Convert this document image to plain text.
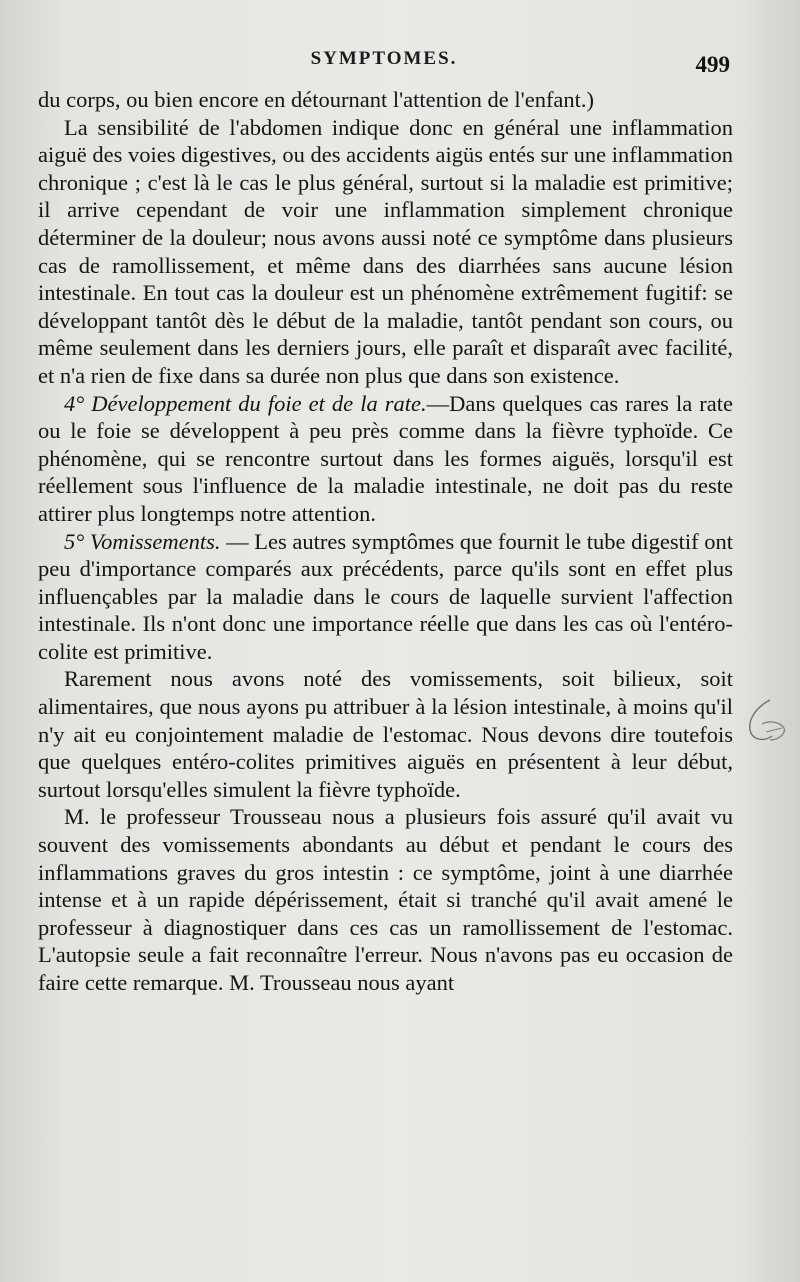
SYMPTOMES.	499

du corps, ou bien encore en détournant l'attention de l'enfant.)

La sensibilité de l'abdomen indique donc en général une inflammation aiguë des voies digestives, ou des accidents aigüs entés sur une inflammation chronique ; c'est là le cas le plus général, surtout si la maladie est primitive; il arrive cependant de voir une inflammation simplement chronique déterminer de la douleur; nous avons aussi noté ce symptôme dans plusieurs cas de ramollissement, et même dans des diarrhées sans aucune lésion intestinale. En tout cas la douleur est un phénomène extrêmement fugitif: se développant tantôt dès le début de la maladie, tantôt pendant son cours, ou même seulement dans les derniers jours, elle paraît et disparaît avec facilité, et n'a rien de fixe dans sa durée non plus que dans son existence.

4° Développement du foie et de la rate.—Dans quelques cas rares la rate ou le foie se développent à peu près comme dans la fièvre typhoïde. Ce phénomène, qui se rencontre surtout dans les formes aiguës, lorsqu'il est réellement sous l'influence de la maladie intestinale, ne doit pas du reste attirer plus longtemps notre attention.

5° Vomissements. — Les autres symptômes que fournit le tube digestif ont peu d'importance comparés aux précédents, parce qu'ils sont en effet plus influençables par la maladie dans le cours de laquelle survient l'affection intestinale. Ils n'ont donc une importance réelle que dans les cas où l'entéro-colite est primitive.

Rarement nous avons noté des vomissements, soit bilieux, soit alimentaires, que nous ayons pu attribuer à la lésion intestinale, à moins qu'il n'y ait eu conjointement maladie de l'estomac. Nous devons dire toutefois que quelques entéro-colites primitives aiguës en présentent à leur début, surtout lorsqu'elles simulent la fièvre typhoïde.

M. le professeur Trousseau nous a plusieurs fois assuré qu'il avait vu souvent des vomissements abondants au début et pendant le cours des inflammations graves du gros intestin : ce symptôme, joint à une diarrhée intense et à un rapide dépérissement, était si tranché qu'il avait amené le professeur à diagnostiquer dans ces cas un ramollissement de l'estomac. L'autopsie seule a fait reconnaître l'erreur. Nous n'avons pas eu occasion de faire cette remarque. M. Trousseau nous ayant
